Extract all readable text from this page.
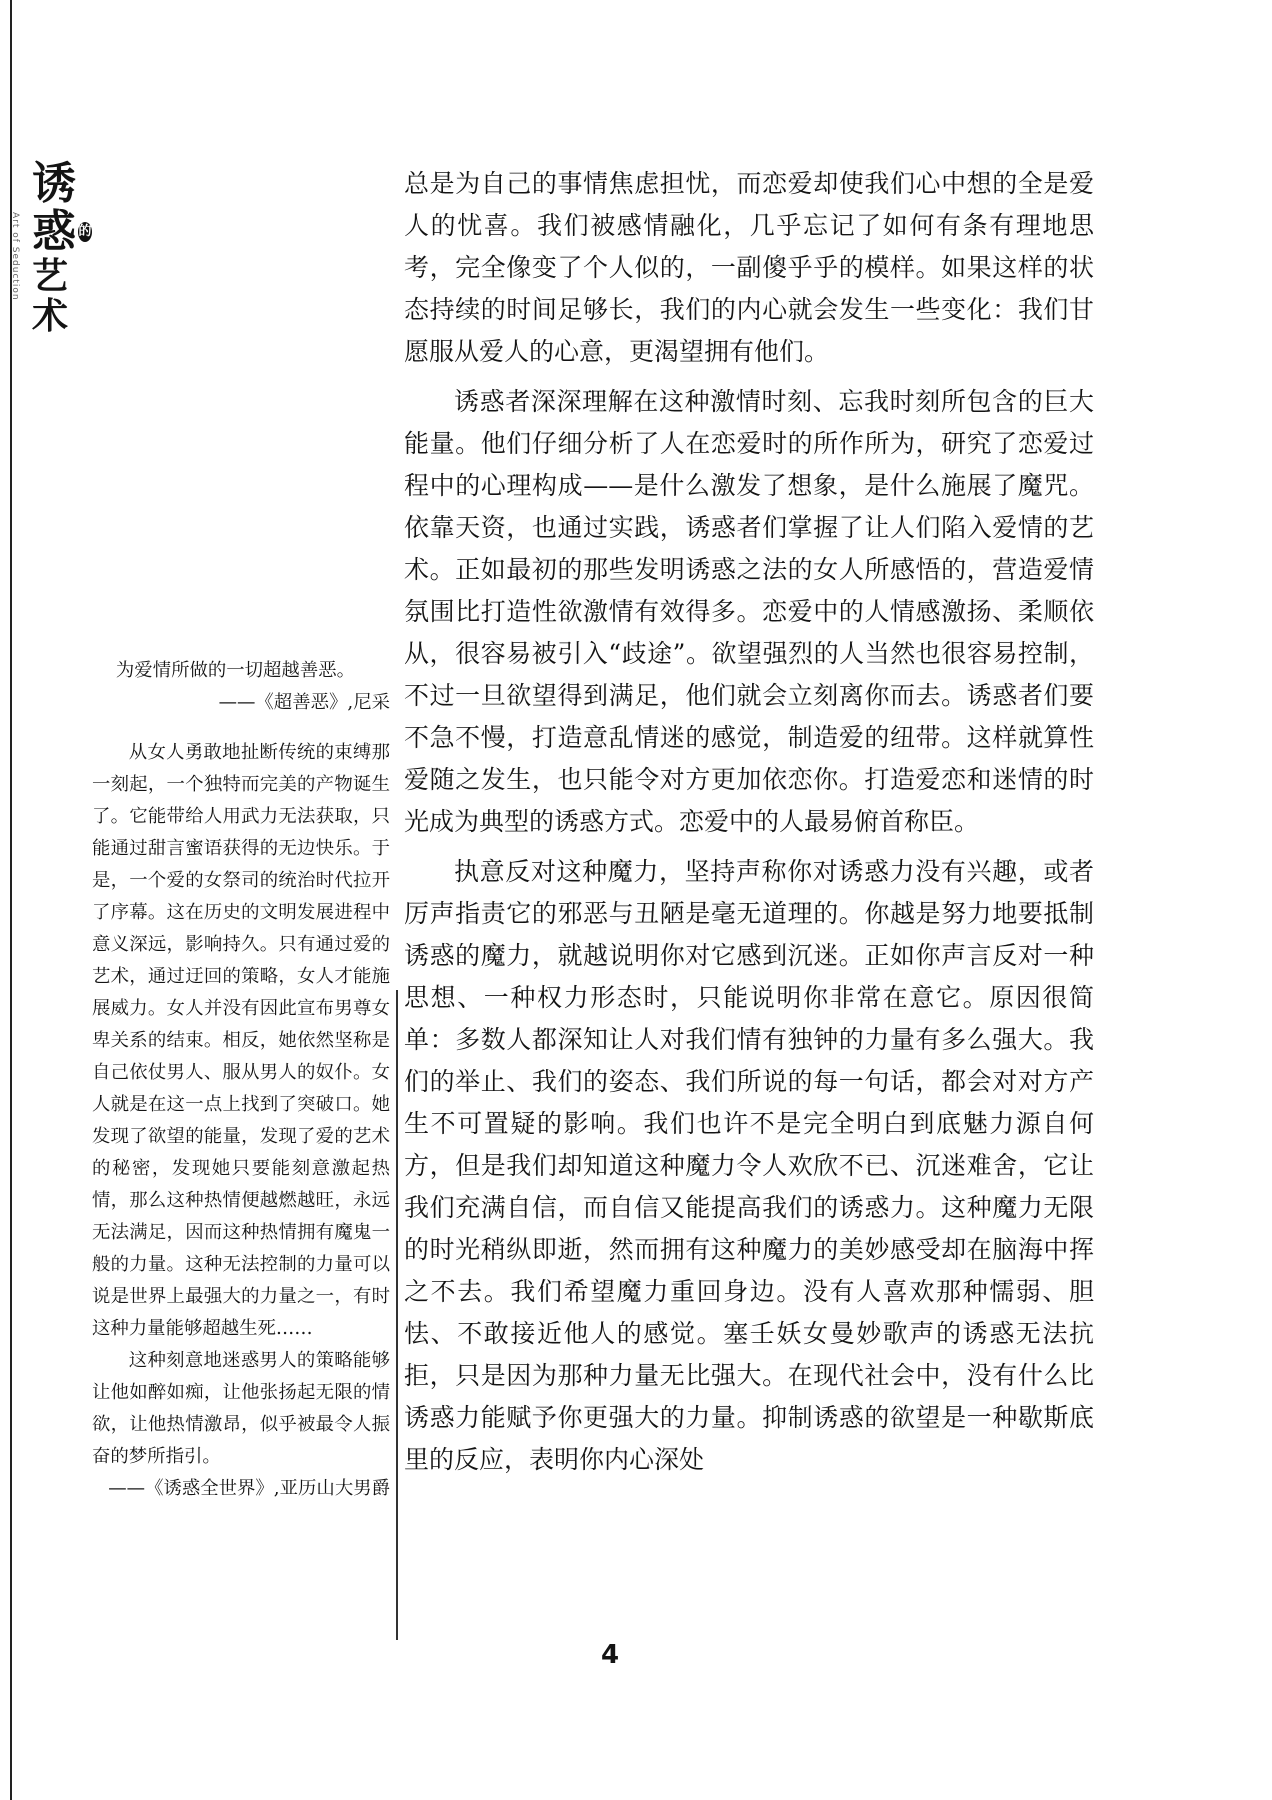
诱
惑 的
艺术
Art of Seduction

为爱情所做的一切超越善恶。

——《超善恶》,尼采

从女人勇敢地扯断传统的束缚那一刻起，一个独特而完美的产物诞生了。它能带给人用武力无法获取，只能通过甜言蜜语获得的无边快乐。于是，一个爱的女祭司的统治时代拉开了序幕。这在历史的文明发展进程中意义深远，影响持久。只有通过爱的艺术，通过迂回的策略，女人才能施展威力。女人并没有因此宣布男尊女卑关系的结束。相反，她依然坚称是自己依仗男人、服从男人的奴仆。女人就是在这一点上找到了突破口。她发现了欲望的能量，发现了爱的艺术的秘密，发现她只要能刻意激起热情，那么这种热情便越燃越旺，永远无法满足，因而这种热情拥有魔鬼一般的力量。这种无法控制的力量可以说是世界上最强大的力量之一，有时这种力量能够超越生死……

这种刻意地迷惑男人的策略能够让他如醉如痴，让他张扬起无限的情欲，让他热情激昂，似乎被最令人振奋的梦所指引。

——《诱惑全世界》,亚历山大男爵

总是为自己的事情焦虑担忧，而恋爱却使我们心中想的全是爱人的忧喜。我们被感情融化，几乎忘记了如何有条有理地思考，完全像变了个人似的，一副傻乎乎的模样。如果这样的状态持续的时间足够长，我们的内心就会发生一些变化：我们甘愿服从爱人的心意，更渴望拥有他们。

诱惑者深深理解在这种激情时刻、忘我时刻所包含的巨大能量。他们仔细分析了人在恋爱时的所作所为，研究了恋爱过程中的心理构成——是什么激发了想象，是什么施展了魔咒。依靠天资，也通过实践，诱惑者们掌握了让人们陷入爱情的艺术。正如最初的那些发明诱惑之法的女人所感悟的，营造爱情氛围比打造性欲激情有效得多。恋爱中的人情感激扬、柔顺依从，很容易被引入“歧途”。欲望强烈的人当然也很容易控制，不过一旦欲望得到满足，他们就会立刻离你而去。诱惑者们要不急不慢，打造意乱情迷的感觉，制造爱的纽带。这样就算性爱随之发生，也只能令对方更加依恋你。打造爱恋和迷情的时光成为典型的诱惑方式。恋爱中的人最易俯首称臣。

执意反对这种魔力，坚持声称你对诱惑力没有兴趣，或者厉声指责它的邪恶与丑陋是毫无道理的。你越是努力地要抵制诱惑的魔力，就越说明你对它感到沉迷。正如你声言反对一种思想、一种权力形态时，只能说明你非常在意它。原因很简单：多数人都深知让人对我们情有独钟的力量有多么强大。我们的举止、我们的姿态、我们所说的每一句话，都会对对方产生不可置疑的影响。我们也许不是完全明白到底魅力源自何方，但是我们却知道这种魔力令人欢欣不已、沉迷难舍，它让我们充满自信，而自信又能提高我们的诱惑力。这种魔力无限的时光稍纵即逝，然而拥有这种魔力的美妙感受却在脑海中挥之不去。我们希望魔力重回身边。没有人喜欢那种懦弱、胆怯、不敢接近他人的感觉。塞壬妖女曼妙歌声的诱惑无法抗拒，只是因为那种力量无比强大。在现代社会中，没有什么比诱惑力能赋予你更强大的力量。抑制诱惑的欲望是一种歇斯底里的反应，表明你内心深处

4
